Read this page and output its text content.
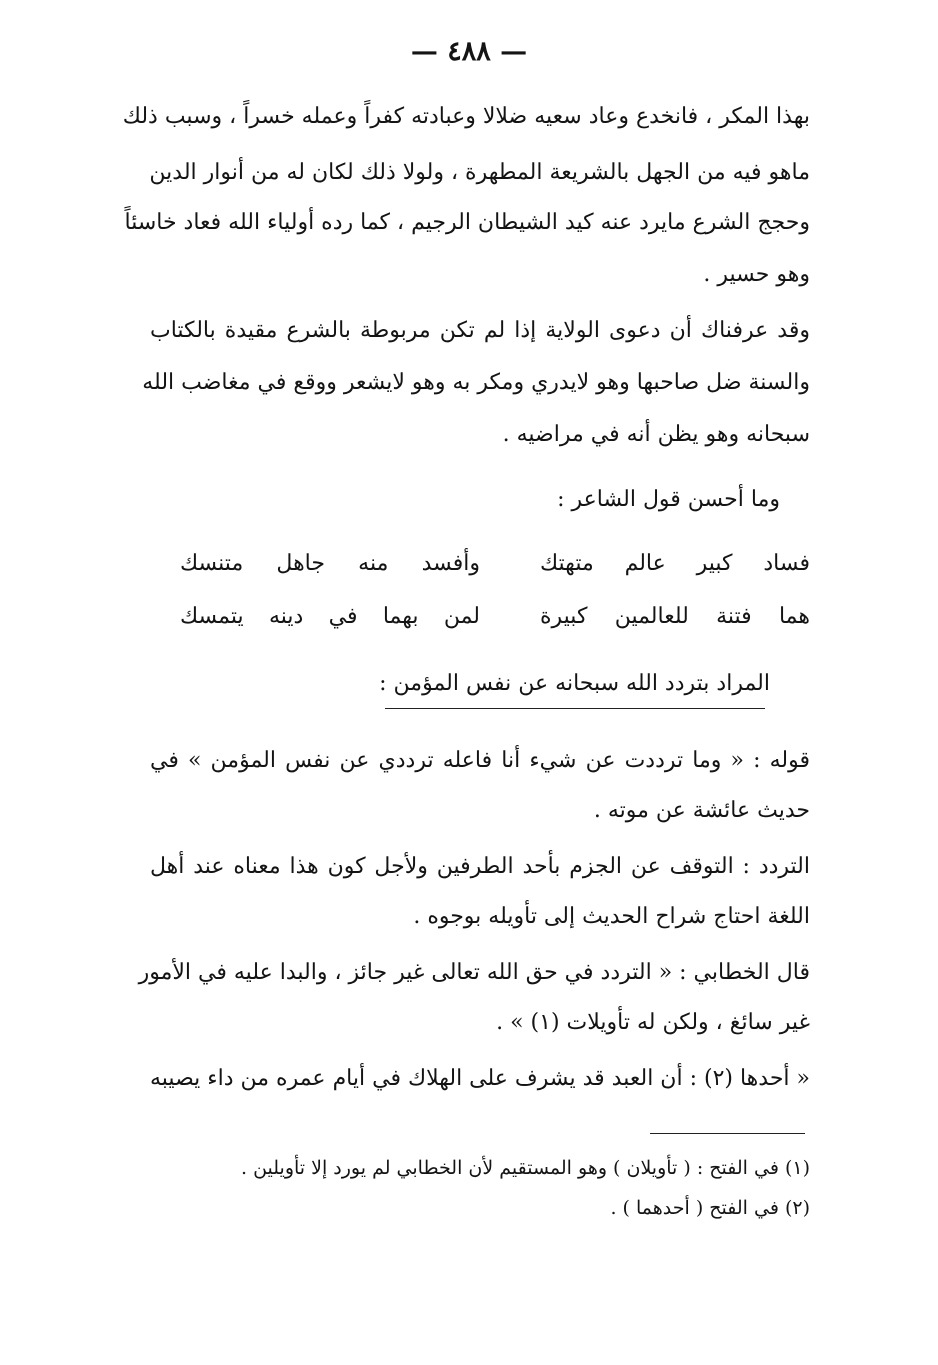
— ٤٨٨ —
بهذا المكر ، فانخدع وعاد سعيه ضلالا وعبادته كفراً وعمله خسراً ، وسبب ذلك
ماهو فيه من الجهل بالشريعة المطهرة ، ولولا ذلك لكان له من أنوار الدين
وحجج الشرع مايرد عنه كيد الشيطان الرجيم ، كما رده أولياء الله فعاد خاسئاً
وهو حسير .
وقد عرفناك أن دعوى الولاية إذا لم تكن مربوطة بالشرع مقيدة بالكتاب
والسنة ضل صاحبها وهو لايدري ومكر به وهو لايشعر ووقع في مغاضب الله
سبحانه وهو يظن أنه في مراضيه .
وما أحسن قول الشاعر :
فساد كبير عالم متهتك
وأفسد منه جاهل متنسك
هما فتنة للعالمين كبيرة
لمن بهما في دينه يتمسك
المراد بتردد الله سبحانه عن نفس المؤمن :
قوله : « وما ترددت عن شيء أنا فاعله ترددي عن نفس المؤمن » في
حديث عائشة عن موته .
التردد : التوقف عن الجزم بأحد الطرفين ولأجل كون هذا معناه عند أهل
اللغة احتاج شراح الحديث إلى تأويله بوجوه .
قال الخطابي : « التردد في حق الله تعالى غير جائز ، والبدا عليه في الأمور
غير سائغ ، ولكن له تأويلات (١) » .
« أحدها (٢) : أن العبد قد يشرف على الهلاك في أيام عمره من داء يصيبه
(١) في الفتح : ( تأويلان ) وهو المستقيم لأن الخطابي لم يورد إلا تأويلين .
(٢) في الفتح ( أحدهما ) .
